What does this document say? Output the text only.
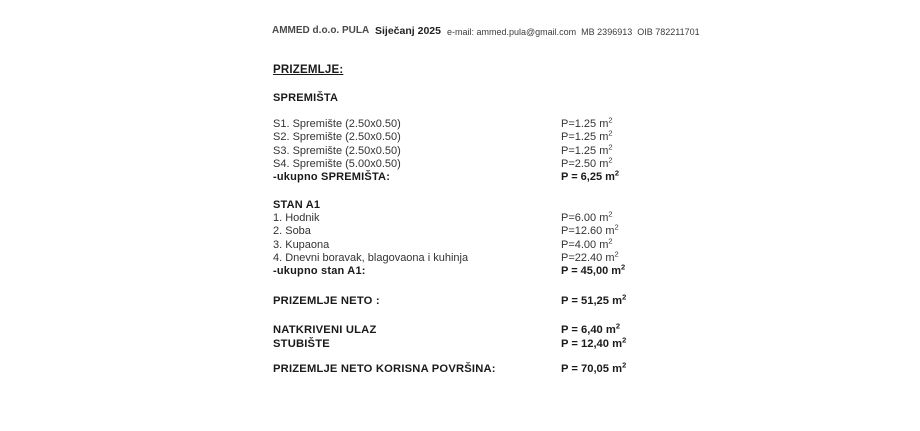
AMMED d.o.o. PULA Siječanj 2025 e-mail: ammed.pula@gmail.com  MB 2396913  OIB 782211701
PRIZEMLJE:
SPREMIŠTA
S1. Spremište (2.50x0.50)	P=1.25 $m^2$
S2. Spremište (2.50x0.50)	P=1.25 $m^2$
S3. Spremište (2.50x0.50)	P=1.25 $m^2$
S4. Spremište (5.00x0.50)	P=2.50 $m^2$
-ukupno SPREMIŠTA:	P = 6,25 $m^2$
STAN A1
1. Hodnik	P=6.00 $m^2$
2. Soba	P=12.60 $m^2$
3. Kupaona	P=4.00 $m^2$
4. Dnevni boravak, blagovaona i kuhinja	P=22.40 $m^2$
-ukupno stan A1:	P = 45,00 $m^2$
PRIZEMLJE NETO :	P = 51,25 $m^2$
NATKRIVENI ULAZ	P = 6,40 $m^2$
STUBIŠTE	P = 12,40 $m^2$
PRIZEMLJE NETO KORISNA POVRŠINA:	P = 70,05 $m^2$
